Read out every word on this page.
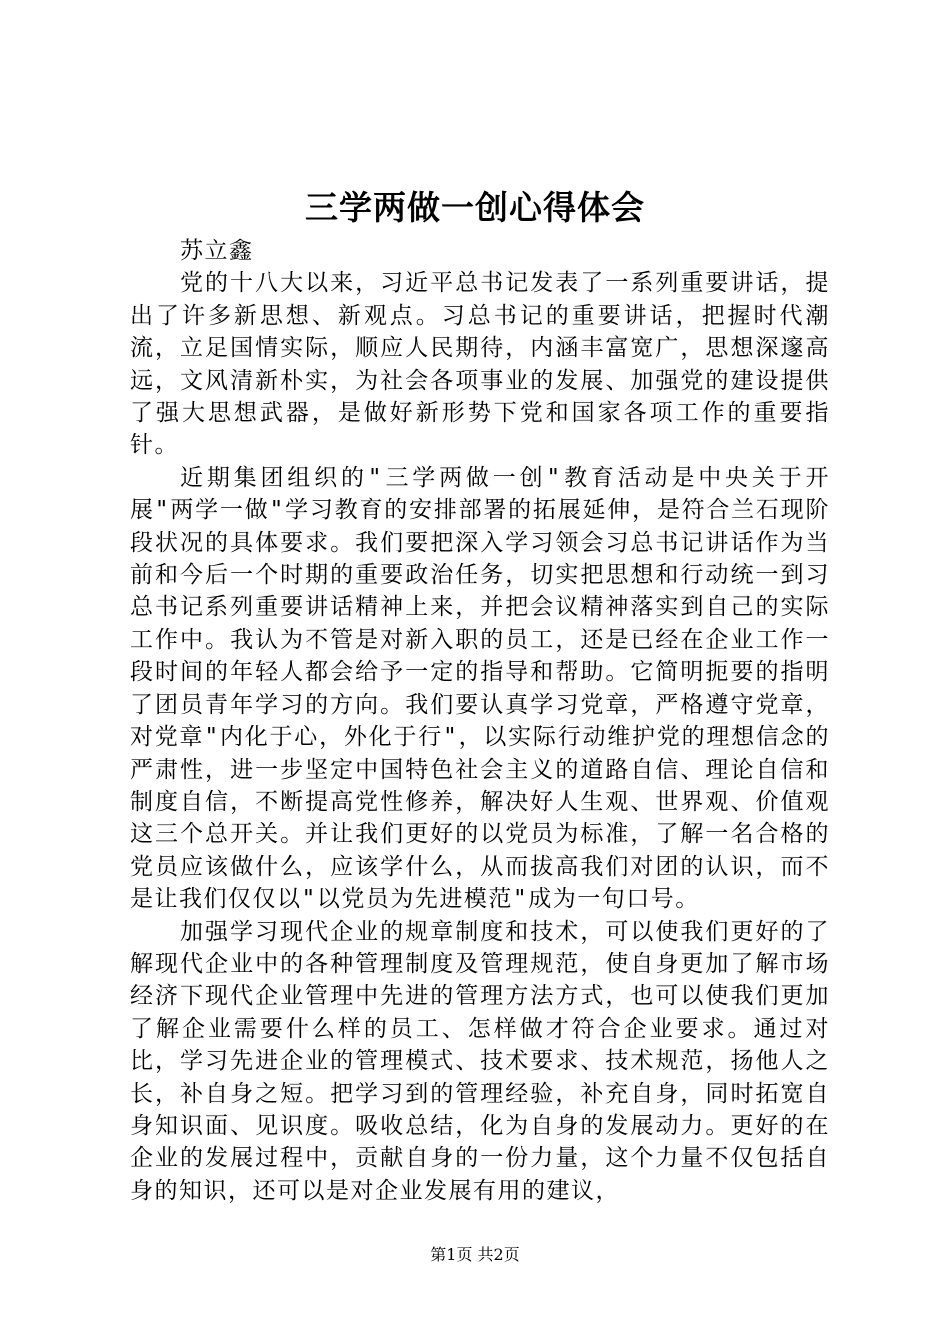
三学两做一创心得体会

苏立鑫

党的十八大以来，习近平总书记发表了一系列重要讲话，提出了许多新思想、新观点。习总书记的重要讲话，把握时代潮流，立足国情实际，顺应人民期待，内涵丰富宽广，思想深邃高远，文风清新朴实，为社会各项事业的发展、加强党的建设提供了强大思想武器，是做好新形势下党和国家各项工作的重要指针。

近期集团组织的"三学两做一创"教育活动是中央关于开展"两学一做"学习教育的安排部署的拓展延伸，是符合兰石现阶段状况的具体要求。我们要把深入学习领会习总书记讲话作为当前和今后一个时期的重要政治任务，切实把思想和行动统一到习总书记系列重要讲话精神上来，并把会议精神落实到自己的实际工作中。我认为不管是对新入职的员工，还是已经在企业工作一段时间的年轻人都会给予一定的指导和帮助。它简明扼要的指明了团员青年学习的方向。我们要认真学习党章，严格遵守党章，对党章"内化于心，外化于行"，以实际行动维护党的理想信念的严肃性，进一步坚定中国特色社会主义的道路自信、理论自信和制度自信，不断提高党性修养，解决好人生观、世界观、价值观这三个总开关。并让我们更好的以党员为标准，了解一名合格的党员应该做什么，应该学什么，从而拔高我们对团的认识，而不是让我们仅仅以"以党员为先进模范"成为一句口号。

加强学习现代企业的规章制度和技术，可以使我们更好的了解现代企业中的各种管理制度及管理规范，使自身更加了解市场经济下现代企业管理中先进的管理方法方式，也可以使我们更加了解企业需要什么样的员工、怎样做才符合企业要求。通过对比，学习先进企业的管理模式、技术要求、技术规范，扬他人之长，补自身之短。把学习到的管理经验，补充自身，同时拓宽自身知识面、见识度。吸收总结，化为自身的发展动力。更好的在企业的发展过程中，贡献自身的一份力量，这个力量不仅包括自身的知识，还可以是对企业发展有用的建议，

第1页 共2页
